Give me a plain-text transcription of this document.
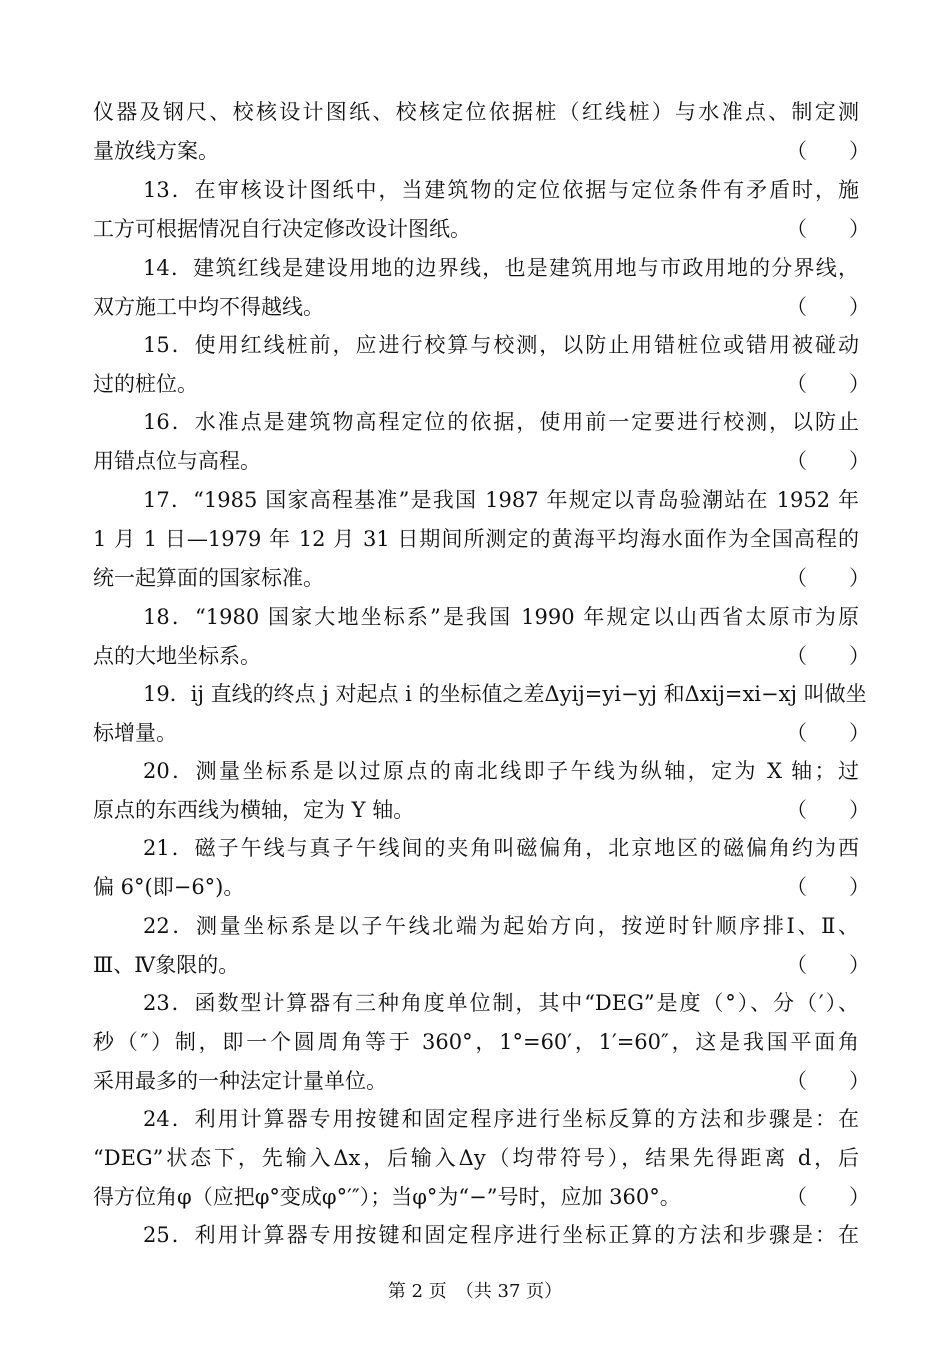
仪器及钢尺、校核设计图纸、校核定位依据桩（红线桩）与水准点、制定测
量放线方案。	（　　）
13．在审核设计图纸中，当建筑物的定位依据与定位条件有矛盾时，施
工方可根据情况自行决定修改设计图纸。	（　　）
14．建筑红线是建设用地的边界线，也是建筑用地与市政用地的分界线，
双方施工中均不得越线。	（　　）
15．使用红线桩前，应进行校算与校测，以防止用错桩位或错用被碰动
过的桩位。	（　　）
16．水准点是建筑物高程定位的依据，使用前一定要进行校测，以防止
用错点位与高程。	（　　）
17．“1985 国家高程基准”是我国 1987 年规定以青岛验潮站在 1952 年
1 月 1 日—1979 年 12 月 31 日期间所测定的黄海平均海水面作为全国高程的
统一起算面的国家标准。	（　　）
18．“1980 国家大地坐标系”是我国 1990 年规定以山西省太原市为原
点的大地坐标系。	（　　）
19．ij 直线的终点 j 对起点 i 的坐标值之差Δyij=yi−yj 和Δxij=xi−xj 叫做坐
标增量。	（　　）
20．测量坐标系是以过原点的南北线即子午线为纵轴，定为 X 轴；过
原点的东西线为横轴，定为 Y 轴。	（　　）
21．磁子午线与真子午线间的夹角叫磁偏角，北京地区的磁偏角约为西
偏 6°(即−6°)。	（　　）
22．测量坐标系是以子午线北端为起始方向，按逆时针顺序排Ⅰ、Ⅱ、
Ⅲ、Ⅳ象限的。	（　　）
23．函数型计算器有三种角度单位制，其中“DEG”是度（°）、分（′）、
秒（″）制，即一个圆周角等于 360°，1°=60′，1′=60″，这是我国平面角
采用最多的一种法定计量单位。	（　　）
24．利用计算器专用按键和固定程序进行坐标反算的方法和步骤是：在
“DEG”状态下，先输入Δx，后输入Δy（均带符号），结果先得距离 d，后
得方位角φ（应把φ°变成φ°′″）；当φ°为“−”号时，应加 360°。	（　　）
25．利用计算器专用按键和固定程序进行坐标正算的方法和步骤是：在
第 2 页　（共 37 页）
